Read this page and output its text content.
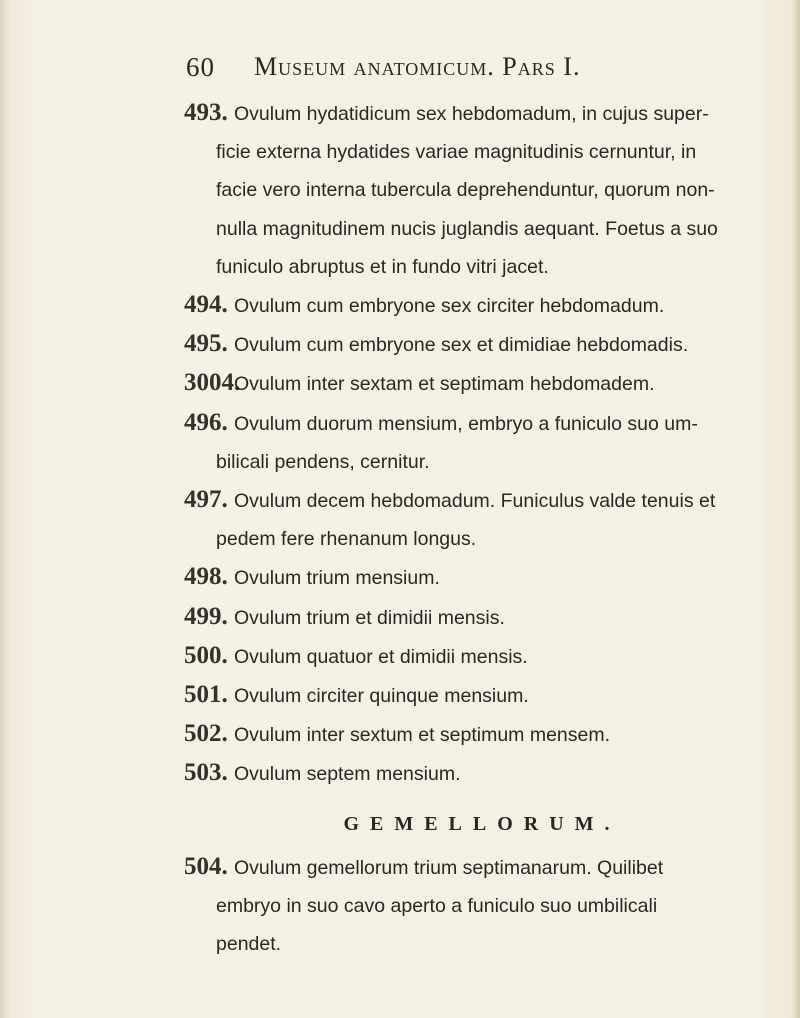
60 Museum anatomicum. Pars I.
493. Ovulum hydatidicum sex hebdomadum, in cujus super-
ficie externa hydatides variae magnitudinis cernuntur, in
facie vero interna tubercula deprehenduntur, quorum non-
nulla magnitudinem nucis juglandis aequant. Foetus a suo
funiculo abruptus et in fundo vitri jacet.
494. Ovulum cum embryone sex circiter hebdomadum.
495. Ovulum cum embryone sex et dimidiae hebdomadis.
3004.Ovulum inter sextam et septimam hebdomadem.
496. Ovulum duorum mensium, embryo a funiculo suo um-
bilicali pendens, cernitur.
497. Ovulum decem hebdomadum. Funiculus valde tenuis et
pedem fere rhenanum longus.
498. Ovulum trium mensium.
499. Ovulum trium et dimidii mensis.
500. Ovulum quatuor et dimidii mensis.
501. Ovulum circiter quinque mensium.
502. Ovulum inter sextum et septimum mensem.
503. Ovulum septem mensium.
GEMELLORUM.
504. Ovulum gemellorum trium septimanarum. Quilibet
embryo in suo cavo aperto a funiculo suo umbilicali
pendet.
